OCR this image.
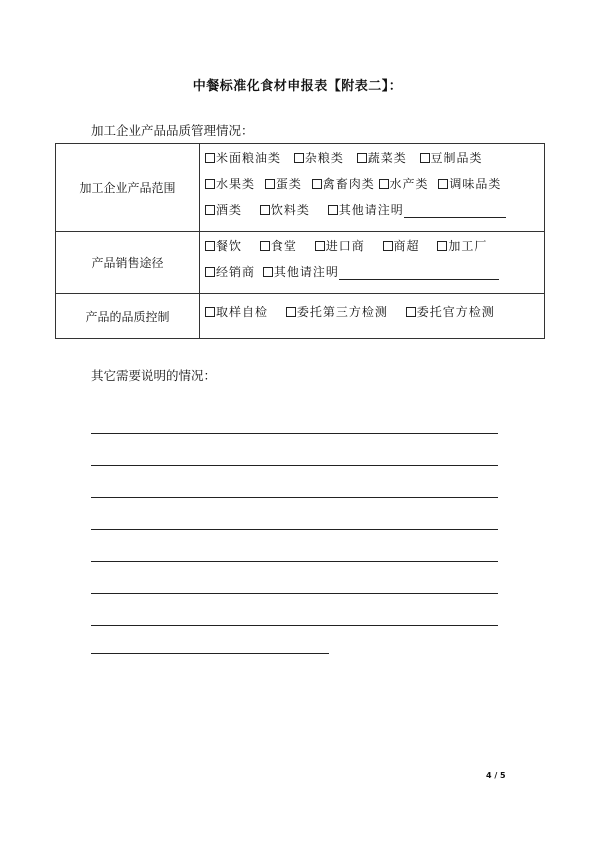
中餐标准化食材申报表【附表二】：
加工企业产品品质管理情况：
加工企业产品范围	米面粮油类 杂粮类 蔬菜类 豆制品类
水果类 蛋类 禽畜肉类 水产类 调味品类
酒类 饮料类 其他请注明

产品销售途径	餐饮 食堂 进口商 商超 加工厂
经销商 其他请注明

产品的品质控制	取样自检 委托第三方检测 委托官方检测
其它需要说明的情况：
4 / 5
